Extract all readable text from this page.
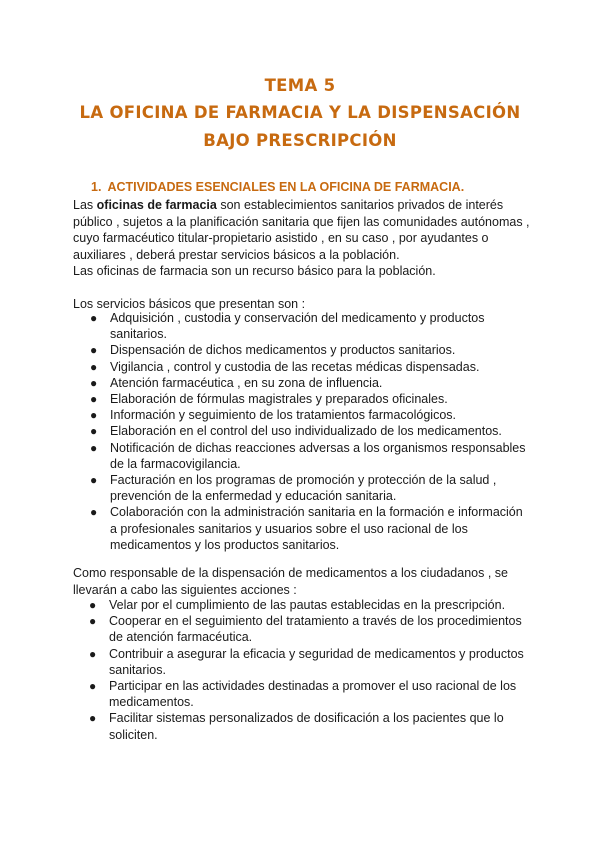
TEMA 5
LA OFICINA DE FARMACIA Y LA DISPENSACIÓN
BAJO PRESCRIPCIÓN
1. ACTIVIDADES ESENCIALES EN LA OFICINA DE FARMACIA.

Las oficinas de farmacia son establecimientos sanitarios privados de interés público , sujetos a la planificación sanitaria que fijen las comunidades autónomas , cuyo farmacéutico titular-propietario asistido , en su caso , por ayudantes o auxiliares , deberá prestar servicios básicos a la población.

Las oficinas de farmacia son un recurso básico para la población.

Los servicios básicos que presentan son :

● Adquisición , custodia y conservación del medicamento y productos sanitarios.
● Dispensación de dichos medicamentos y productos sanitarios.
● Vigilancia , control y custodia de las recetas médicas dispensadas.
● Atención farmacéutica , en su zona de influencia.
● Elaboración de fórmulas magistrales y preparados oficinales.
● Información y seguimiento de los tratamientos farmacológicos.
● Elaboración en el control del uso individualizado de los medicamentos.
● Notificación de dichas reacciones adversas a los organismos responsables de la farmacovigilancia.
● Facturación en los programas de promoción y protección de la salud , prevención de la enfermedad y educación sanitaria.
● Colaboración con la administración sanitaria en la formación e información a profesionales sanitarios y usuarios sobre el uso racional de los medicamentos y los productos sanitarios.

Como responsable de la dispensación de medicamentos a los ciudadanos , se llevarán a cabo las siguientes acciones :

● Velar por el cumplimiento de las pautas establecidas en la prescripción.
● Cooperar en el seguimiento del tratamiento a través de los procedimientos de atención farmacéutica.
● Contribuir a asegurar la eficacia y seguridad de medicamentos y productos sanitarios.
● Participar en las actividades destinadas a promover el uso racional de los medicamentos.
● Facilitar sistemas personalizados de dosificación a los pacientes que lo soliciten.
